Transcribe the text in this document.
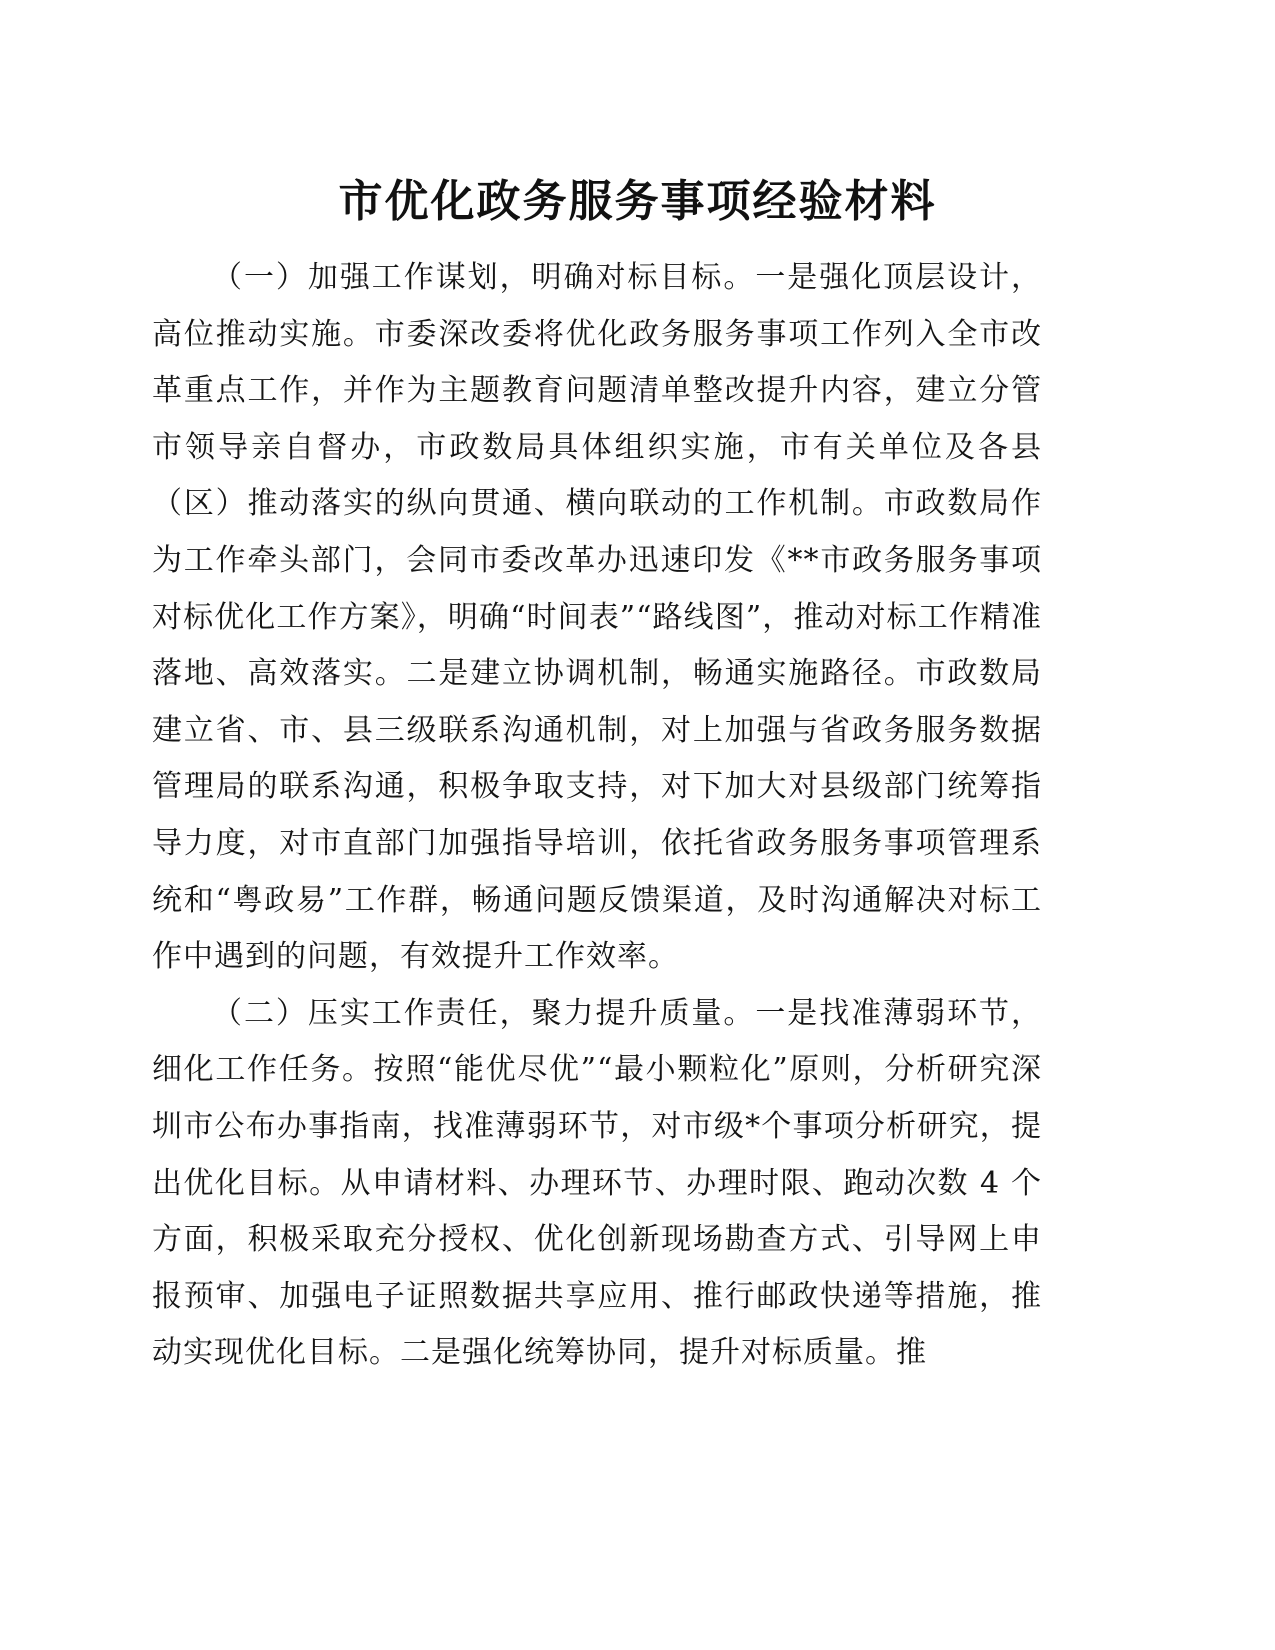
市优化政务服务事项经验材料

（一）加强工作谋划，明确对标目标。一是强化顶层设计，高位推动实施。市委深改委将优化政务服务事项工作列入全市改革重点工作，并作为主题教育问题清单整改提升内容，建立分管市领导亲自督办，市政数局具体组织实施，市有关单位及各县（区）推动落实的纵向贯通、横向联动的工作机制。市政数局作为工作牵头部门，会同市委改革办迅速印发《**市政务服务事项对标优化工作方案》，明确“时间表”“路线图”，推动对标工作精准落地、高效落实。二是建立协调机制，畅通实施路径。市政数局建立省、市、县三级联系沟通机制，对上加强与省政务服务数据管理局的联系沟通，积极争取支持，对下加大对县级部门统筹指导力度，对市直部门加强指导培训，依托省政务服务事项管理系统和“粤政易”工作群，畅通问题反馈渠道，及时沟通解决对标工作中遇到的问题，有效提升工作效率。

（二）压实工作责任，聚力提升质量。一是找准薄弱环节，细化工作任务。按照“能优尽优”“最小颗粒化”原则，分析研究深圳市公布办事指南，找准薄弱环节，对市级*个事项分析研究，提出优化目标。从申请材料、办理环节、办理时限、跑动次数 4 个方面，积极采取充分授权、优化创新现场勘查方式、引导网上申报预审、加强电子证照数据共享应用、推行邮政快递等措施，推动实现优化目标。二是强化统筹协同，提升对标质量。推
